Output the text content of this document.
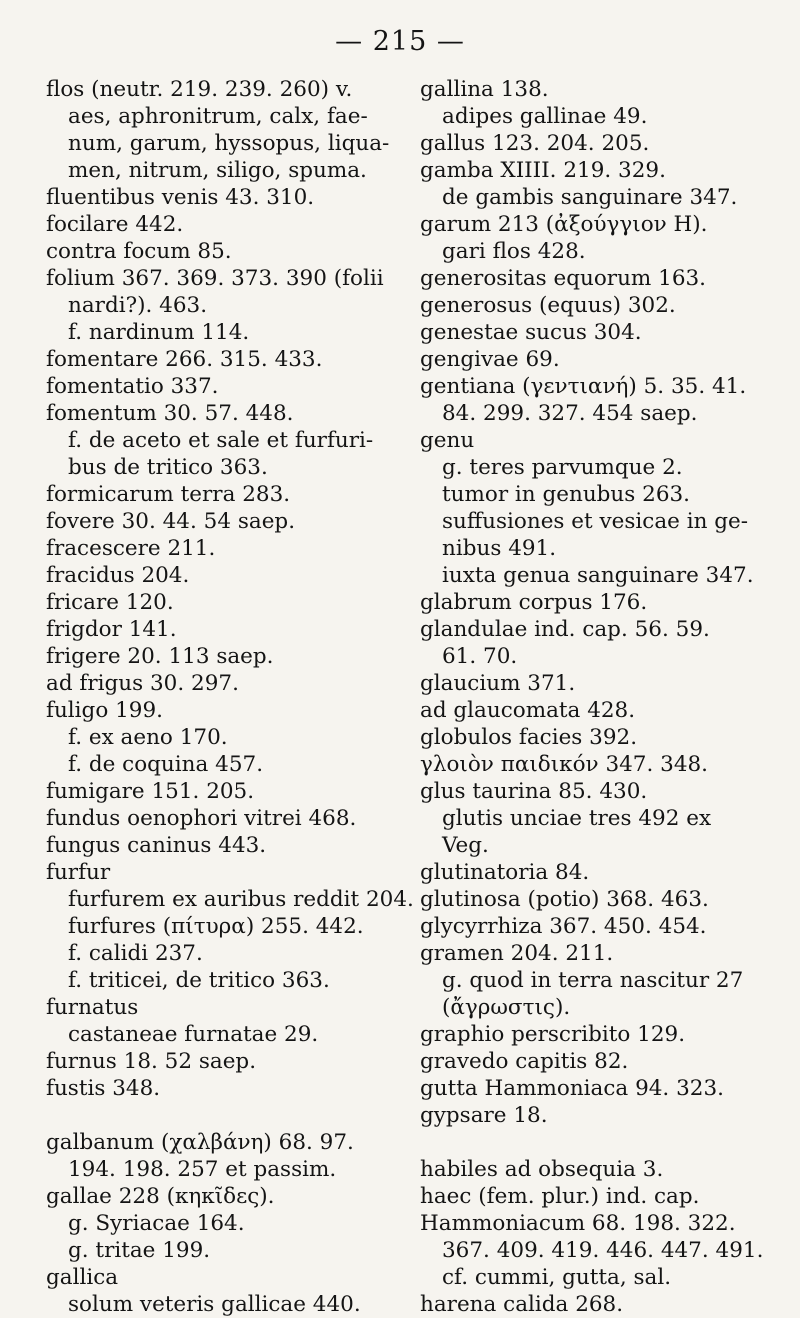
— 215 —
flos (neutr. 219. 239. 260) v.
aes, aphronitrum, calx, fae-
num, garum, hyssopus, liqua-
men, nitrum, siligo, spuma.
fluentibus venis 43. 310.
focilare 442.
contra focum 85.
folium 367. 369. 373. 390 (folii
nardi?). 463.
f. nardinum 114.
fomentare 266. 315. 433.
fomentatio 337.
fomentum 30. 57. 448.
f. de aceto et sale et furfuri-
bus de tritico 363.
formicarum terra 283.
fovere 30. 44. 54 saep.
fracescere 211.
fracidus 204.
fricare 120.
frigdor 141.
frigere 20. 113 saep.
ad frigus 30. 297.
fuligo 199.
f. ex aeno 170.
f. de coquina 457.
fumigare 151. 205.
fundus oenophori vitrei 468.
fungus caninus 443.
furfur
furfurem ex auribus reddit 204.
furfures (πίτυρα) 255. 442.
f. calidi 237.
f. triticei, de tritico 363.
furnatus
castaneae furnatae 29.
furnus 18. 52 saep.
fustis 348.
galbanum (χαλβάνη) 68. 97.
194. 198. 257 et passim.
gallae 228 (κηκῖδες).
g. Syriacae 164.
g. tritae 199.
gallica
solum veteris gallicae 440.
gallina 138.
adipes gallinae 49.
gallus 123. 204. 205.
gamba XIIII. 219. 329.
de gambis sanguinare 347.
garum 213 (ἀξούγγιον H).
gari flos 428.
generositas equorum 163.
generosus (equus) 302.
genestae sucus 304.
gengivae 69.
gentiana (γεντιανή) 5. 35. 41.
84. 299. 327. 454 saep.
genu
g. teres parvumque 2.
tumor in genubus 263.
suffusiones et vesicae in ge-
nibus 491.
iuxta genua sanguinare 347.
glabrum corpus 176.
glandulae ind. cap. 56. 59.
61. 70.
glaucium 371.
ad glaucomata 428.
globulos facies 392.
γλοιὸν παιδικόν 347. 348.
glus taurina 85. 430.
glutis unciae tres 492 ex
Veg.
glutinatoria 84.
glutinosa (potio) 368. 463.
glycyrrhiza 367. 450. 454.
gramen 204. 211.
g. quod in terra nascitur 27
(ἄγρωστις).
graphio perscribito 129.
gravedo capitis 82.
gutta Hammoniaca 94. 323.
gypsare 18.
habiles ad obsequia 3.
haec (fem. plur.) ind. cap.
Hammoniacum 68. 198. 322.
367. 409. 419. 446. 447. 491.
cf. cummi, gutta, sal.
harena calida 268.
